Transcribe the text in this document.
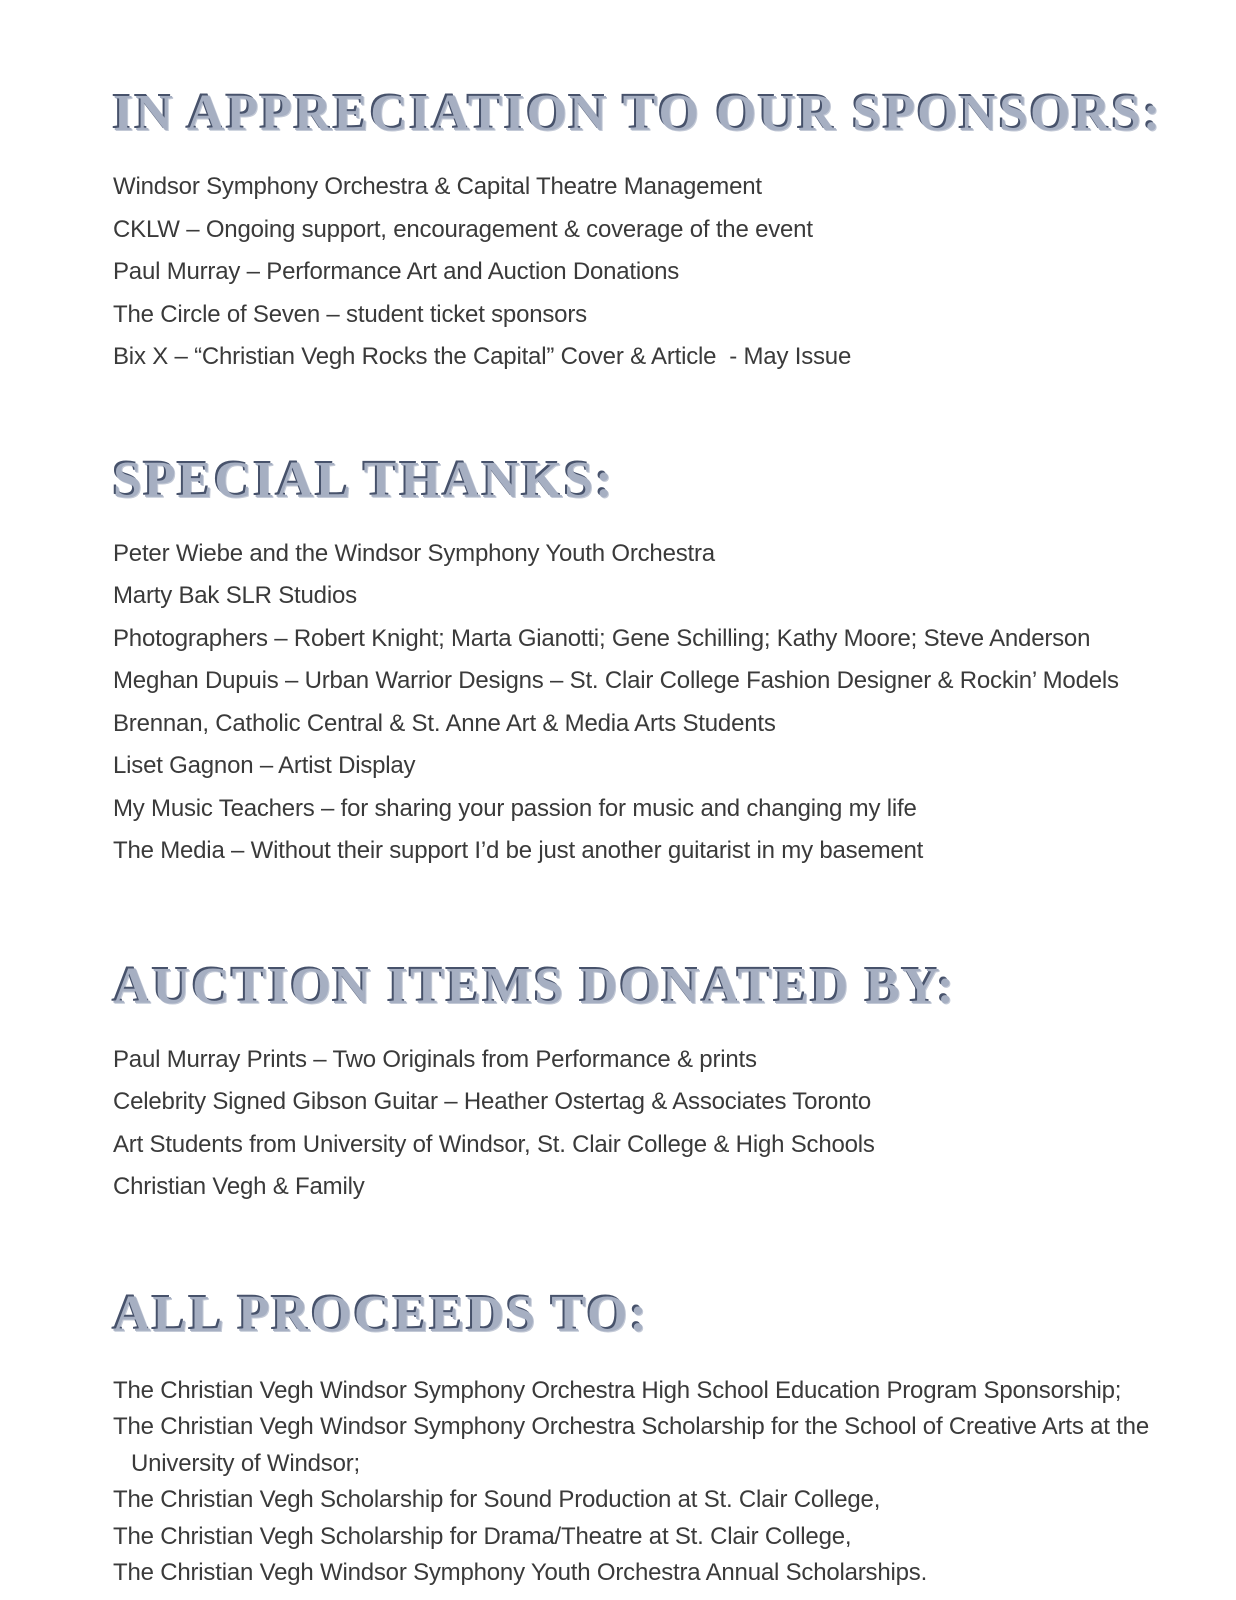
IN APPRECIATION TO OUR SPONSORS:
Windsor Symphony Orchestra & Capital Theatre Management
CKLW – Ongoing support, encouragement & coverage of the event
Paul Murray – Performance Art and Auction Donations
The Circle of Seven – student ticket sponsors
Bix X – “Christian Vegh Rocks the Capital” Cover & Article  - May Issue
SPECIAL THANKS:
Peter Wiebe and the Windsor Symphony Youth Orchestra
Marty Bak SLR Studios
Photographers – Robert Knight; Marta Gianotti; Gene Schilling; Kathy Moore; Steve Anderson
Meghan Dupuis – Urban Warrior Designs – St. Clair College Fashion Designer & Rockin’ Models
Brennan, Catholic Central & St. Anne Art & Media Arts Students
Liset Gagnon – Artist Display
My Music Teachers – for sharing your passion for music and changing my life
The Media – Without their support I’d be just another guitarist in my basement
AUCTION ITEMS DONATED BY:
Paul Murray Prints – Two Originals from Performance & prints
Celebrity Signed Gibson Guitar – Heather Ostertag & Associates Toronto
Art Students from University of Windsor, St. Clair College & High Schools
Christian Vegh & Family
ALL PROCEEDS TO:
The Christian Vegh Windsor Symphony Orchestra High School Education Program Sponsorship;
The Christian Vegh Windsor Symphony Orchestra Scholarship for the School of Creative Arts at the
University of Windsor;
The Christian Vegh Scholarship for Sound Production at St. Clair College,
The Christian Vegh Scholarship for Drama/Theatre at St. Clair College,
The Christian Vegh Windsor Symphony Youth Orchestra Annual Scholarships.
